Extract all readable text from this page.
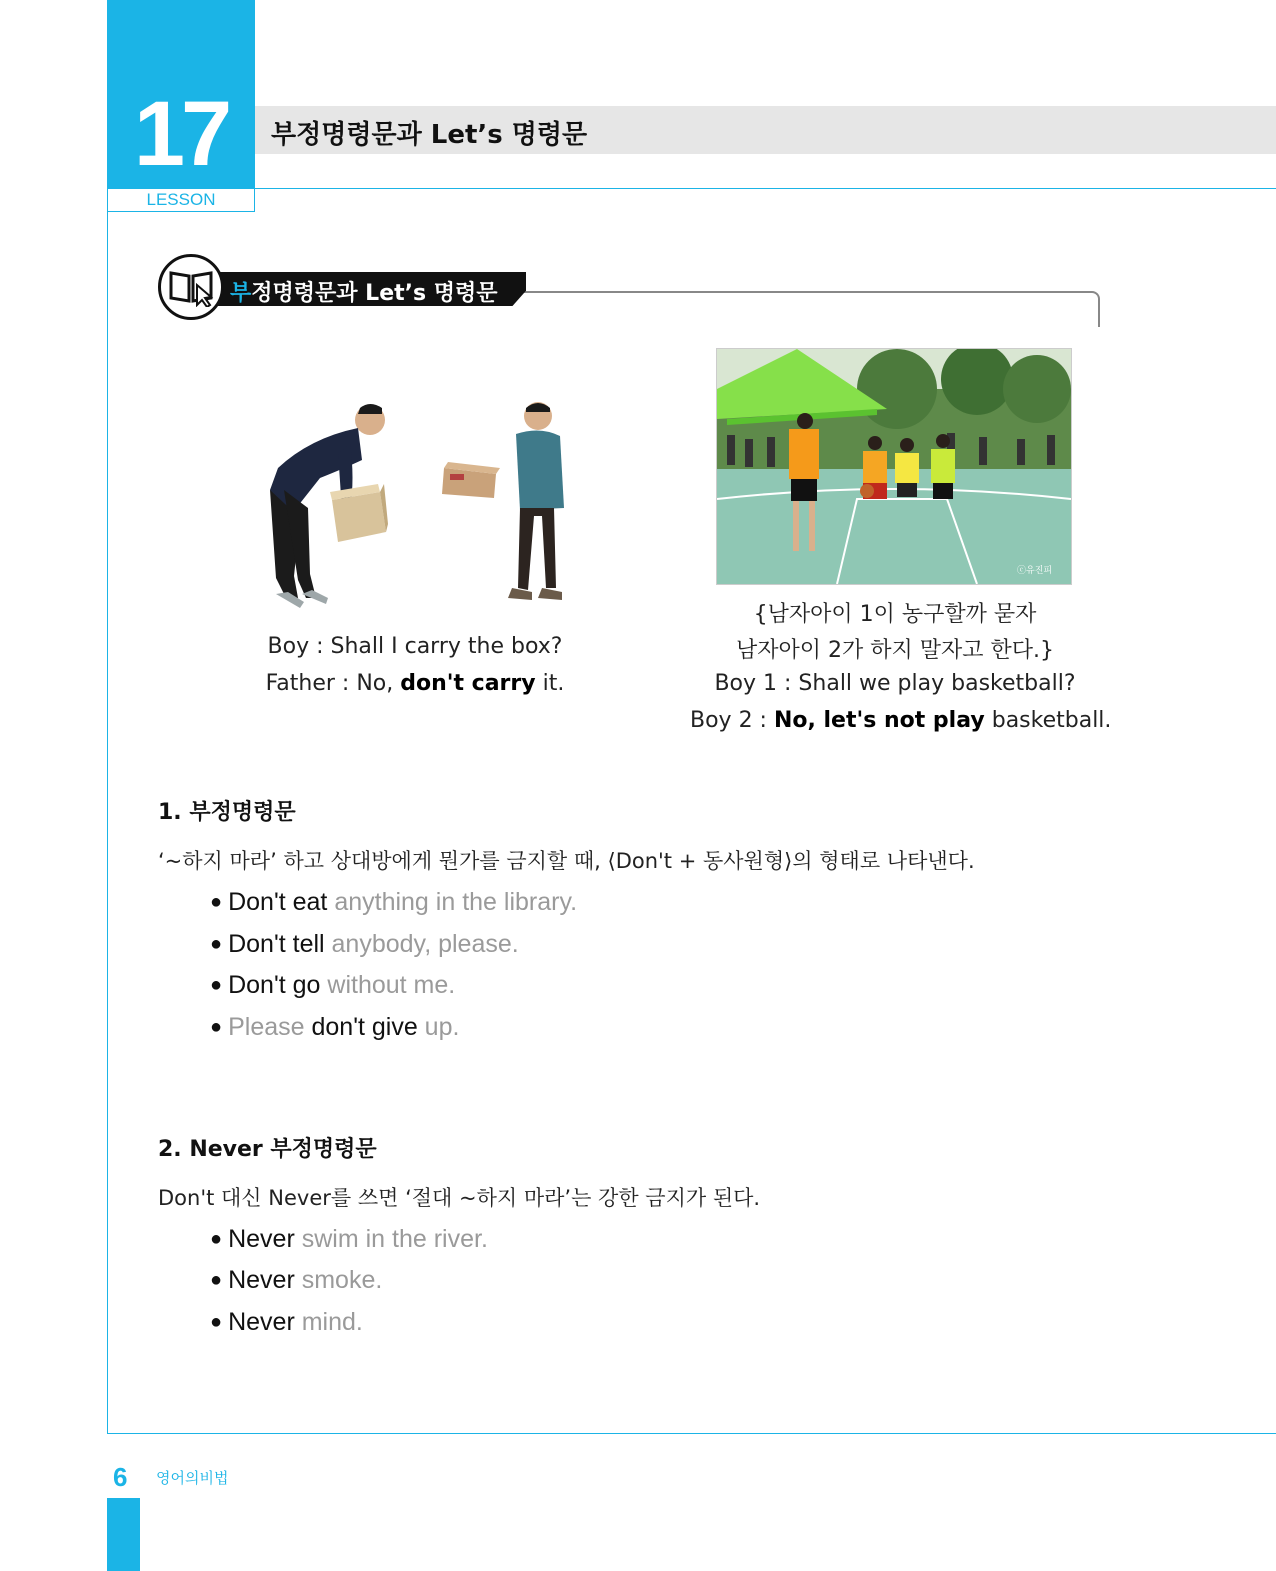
17
LESSON
부정명령문과 Let’s 명령문
부정명령문과 Let’s 명령문
Boy : Shall I carry the box?
Father : No, don't carry it.
ⓒ유진피
{남자아이 1이 농구할까 묻자
남자아이 2가 하지 말자고 한다.}
Boy 1 : Shall we play basketball?
Boy 2 : No, let's not play basketball.
1. 부정명령문
‘~하지 마라’ 하고 상대방에게 뭔가를 금지할 때, ⟨Don't + 동사원형⟩의 형태로 나타낸다.
● Don't eat anything in the library.
● Don't tell anybody, please.
● Don't go without me.
● Please don't give up.
2. Never 부정명령문
Don't 대신 Never를 쓰면 ‘절대 ~하지 마라’는 강한 금지가 된다.
● Never swim in the river.
● Never smoke.
● Never mind.
6 영어의비법
